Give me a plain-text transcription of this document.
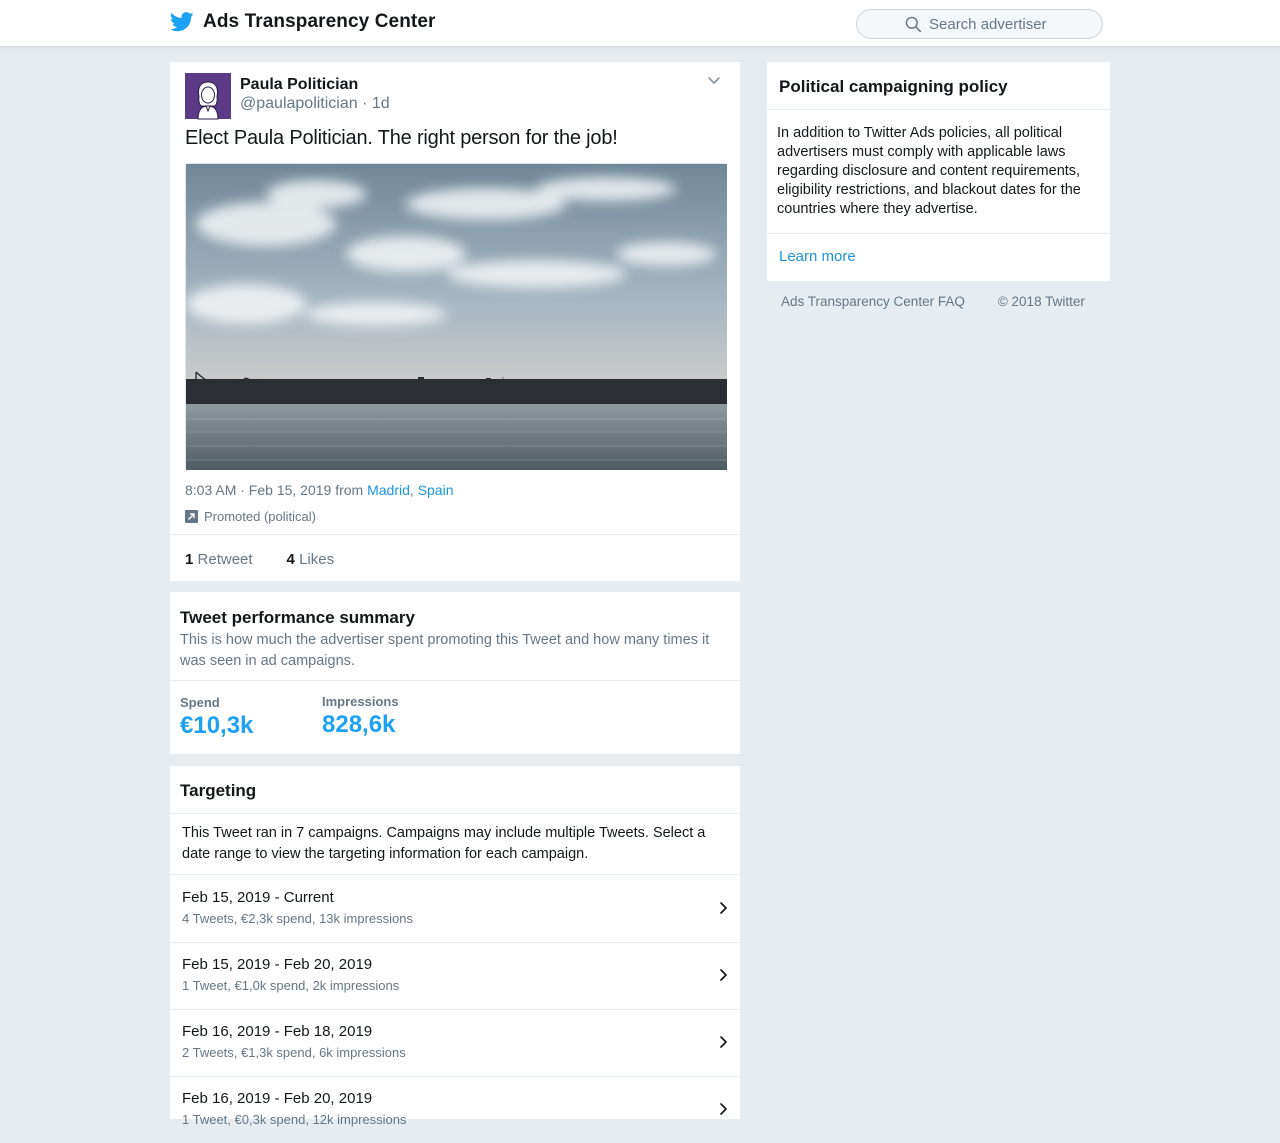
Ads Transparency Center
Search advertiser
Paula Politician
@paulapolitician · 1d
Elect Paula Politician. The right person for the job!
8:03 AM · Feb 15, 2019 from Madrid, Spain
Promoted (political)
1 Retweet 4 Likes
Tweet performance summary
This is how much the advertiser spent promoting this Tweet and how many times it was seen in ad campaigns.
Spend
€10,3k
Impressions
828,6k
Targeting
This Tweet ran in 7 campaigns. Campaigns may include multiple Tweets. Select a date range to view the targeting information for each campaign.
Feb 15, 2019 - Current
4 Tweets, €2,3k spend, 13k impressions
Feb 15, 2019 - Feb 20, 2019
1 Tweet, €1,0k spend, 2k impressions
Feb 16, 2019 - Feb 18, 2019
2 Tweets, €1,3k spend, 6k impressions
Feb 16, 2019 - Feb 20, 2019
1 Tweet, €0,3k spend, 12k impressions
Political campaigning policy
In addition to Twitter Ads policies, all political advertisers must comply with applicable laws regarding disclosure and content requirements, eligibility restrictions, and blackout dates for the countries where they advertise.
Learn more
Ads Transparency Center FAQ © 2018 Twitter
